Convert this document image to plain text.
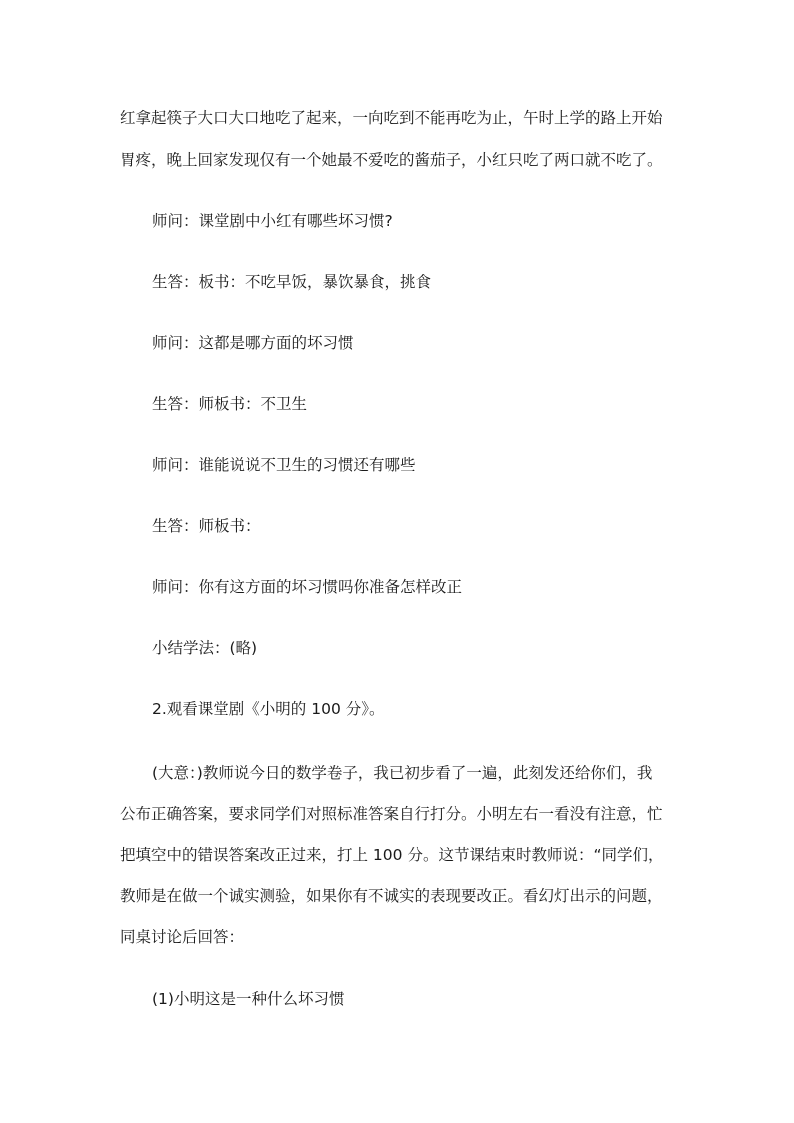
红拿起筷子大口大口地吃了起来，一向吃到不能再吃为止，午时上学的路上开始
胃疼，晚上回家发现仅有一个她最不爱吃的酱茄子，小红只吃了两口就不吃了。
师问：课堂剧中小红有哪些坏习惯?
生答：板书：不吃早饭，暴饮暴食，挑食
师问：这都是哪方面的坏习惯
生答：师板书：不卫生
师问：谁能说说不卫生的习惯还有哪些
生答：师板书：
师问：你有这方面的坏习惯吗你准备怎样改正
小结学法：(略)
2.观看课堂剧《小明的 100 分》。
(大意：)教师说今日的数学卷子，我已初步看了一遍，此刻发还给你们，我
公布正确答案，要求同学们对照标准答案自行打分。小明左右一看没有注意，忙
把填空中的错误答案改正过来，打上 100 分。这节课结束时教师说：“同学们，
教师是在做一个诚实测验，如果你有不诚实的表现要改正。看幻灯出示的问题，
同桌讨论后回答：
(1)小明这是一种什么坏习惯
